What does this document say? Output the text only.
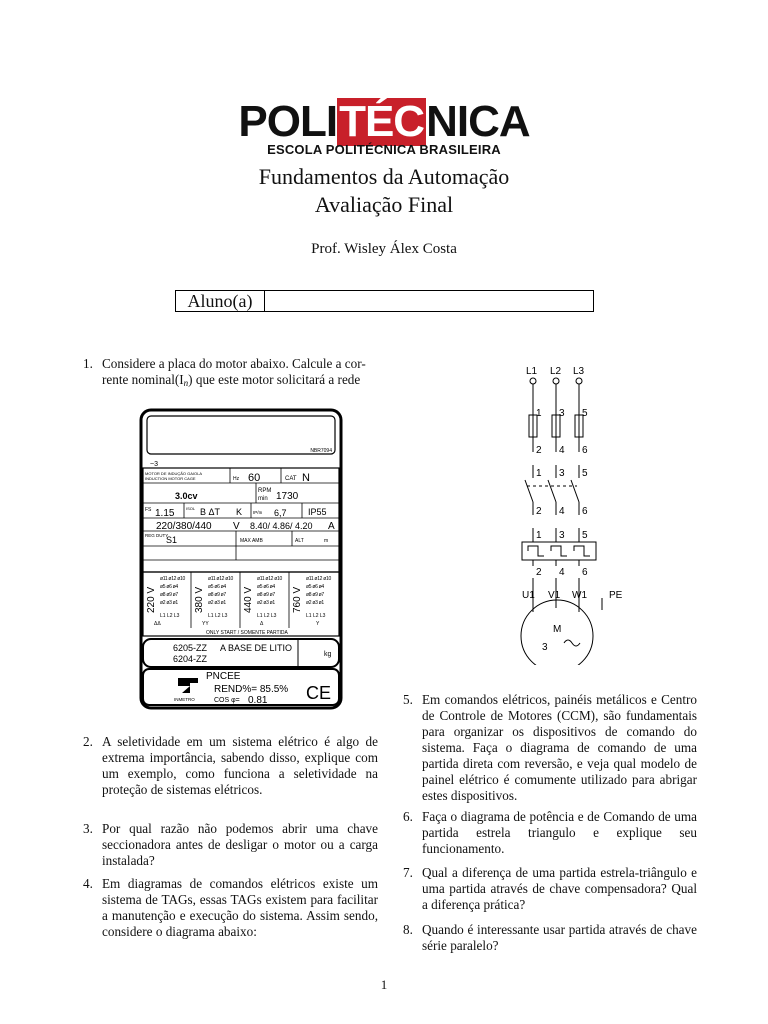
POLITÉCNICA
ESCOLA POLITÉCNICA BRASILEIRA
Fundamentos da Automação
Avaliação Final
Prof. Wisley Álex Costa
Aluno(a)
1. Considere a placa do motor abaixo. Calcule a cor-
rente nominal(In) que este motor solicitará a rede
NBR7094
~3
MOTOR DE INDUÇÃO GAIOLA
INDUCTION MOTOR CAGE	Hz 60	CAT N
3.0cv	RPM
min 1730
FS 1.15	ISOL B ΔT K IP/In 6,7 IP55
220/380/440 V 8.40/ 4.86/ 4.20 A
REG DUTY
S1	MAX AMB	ALT	m
220 V
ø11 ø12 ø10
ø5 ø6 ø4
ø8 ø9 ø7
ø2 ø3 ø1
L1 L2 L3
ΔΔ
380 V
ø11 ø12 ø10
ø5 ø6 ø4
ø8 ø9 ø7
ø2 ø3 ø1
L1 L2 L3
YY
440 V
ø11 ø12 ø10
ø5 ø6 ø4
ø8 ø9 ø7
ø2 ø3 ø1
L1 L2 L3
Δ
760 V
ø11 ø12 ø10
ø5 ø6 ø4
ø8 ø9 ø7
ø2 ø3 ø1
L1 L2 L3
Y
ONLY START / SOMENTE PARTIDA
6205-ZZ A BASE DE LITIO
6204-ZZ	kg
INMETRO
PNCEE
REND%= 85.5%
COS φ= 0.81 CE
2. A seletividade em um sistema elétrico é algo de extrema importância, sabendo disso, explique com um exemplo, como funciona a seletividade na proteção de sistemas elétricos.
3. Por qual razão não podemos abrir uma chave seccionadora antes de desligar o motor ou a carga instalada?
4. Em diagramas de comandos elétricos existe um sistema de TAGs, essas TAGs existem para facilitar a manutenção e execução do sistema. Assim sendo, considere o diagrama abaixo:
L1 L2 L3
1 3 5
2 4 6
1 3 5
2 4 6
1 3 5
2 4 6
U1 V1 W1 PE
M
3
5. Em comandos elétricos, painéis metálicos e Centro de Controle de Motores (CCM), são fundamentais para organizar os dispositivos de comando do sistema. Faça o diagrama de comando de uma partida direta com reversão, e veja qual modelo de painel elétrico é comumente utilizado para abrigar estes dispositivos.
6. Faça o diagrama de potência e de Comando de uma partida estrela triangulo e explique seu funcionamento.
7. Qual a diferença de uma partida estrela-triângulo e uma partida através de chave compensadora? Qual a diferença prática?
8. Quando é interessante usar partida através de chave série paralelo?
1
